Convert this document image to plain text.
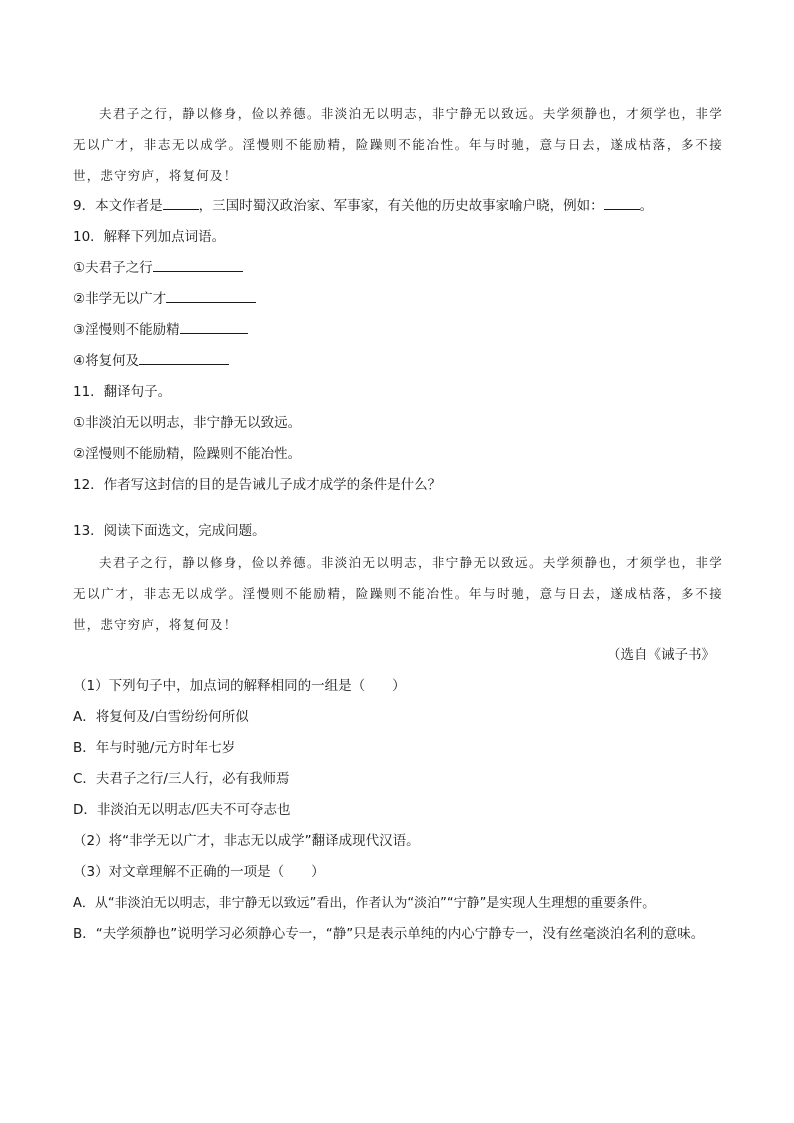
夫君子之行，静以修身，俭以养德。非淡泊无以明志，非宁静无以致远。夫学须静也，才须学也，非学无以广才，非志无以成学。淫慢则不能励精，险躁则不能冶性。年与时驰，意与日去，遂成枯落，多不接世，悲守穷庐，将复何及！

9．本文作者是	，三国时蜀汉政治家、军事家，有关他的历史故事家喻户晓，例如：	。

10．解释下列加点词语。

①夫君子之行

②非学无以广才

③淫慢则不能励精

④将复何及

11．翻译句子。

①非淡泊无以明志，非宁静无以致远。

②淫慢则不能励精，险躁则不能冶性。

12．作者写这封信的目的是告诫儿子成才成学的条件是什么？

13．阅读下面选文，完成问题。

夫君子之行，静以修身，俭以养德。非淡泊无以明志，非宁静无以致远。夫学须静也，才须学也，非学无以广才，非志无以成学。淫慢则不能励精，险躁则不能冶性。年与时驰，意与日去，遂成枯落，多不接世，悲守穷庐，将复何及！

（选自《诫子书》

（1）下列句子中，加点词的解释相同的一组是（　　）

A．将复何及/白雪纷纷何所似

B．年与时驰/元方时年七岁

C．夫君子之行/三人行，必有我师焉

D．非淡泊无以明志/匹夫不可夺志也

（2）将“非学无以广才，非志无以成学”翻译成现代汉语。

（3）对文章理解不正确的一项是（　　）

A．从“非淡泊无以明志，非宁静无以致远”看出，作者认为“淡泊”“宁静”是实现人生理想的重要条件。

B．“夫学须静也”说明学习必须静心专一，“静”只是表示单纯的内心宁静专一，没有丝毫淡泊名利的意味。
